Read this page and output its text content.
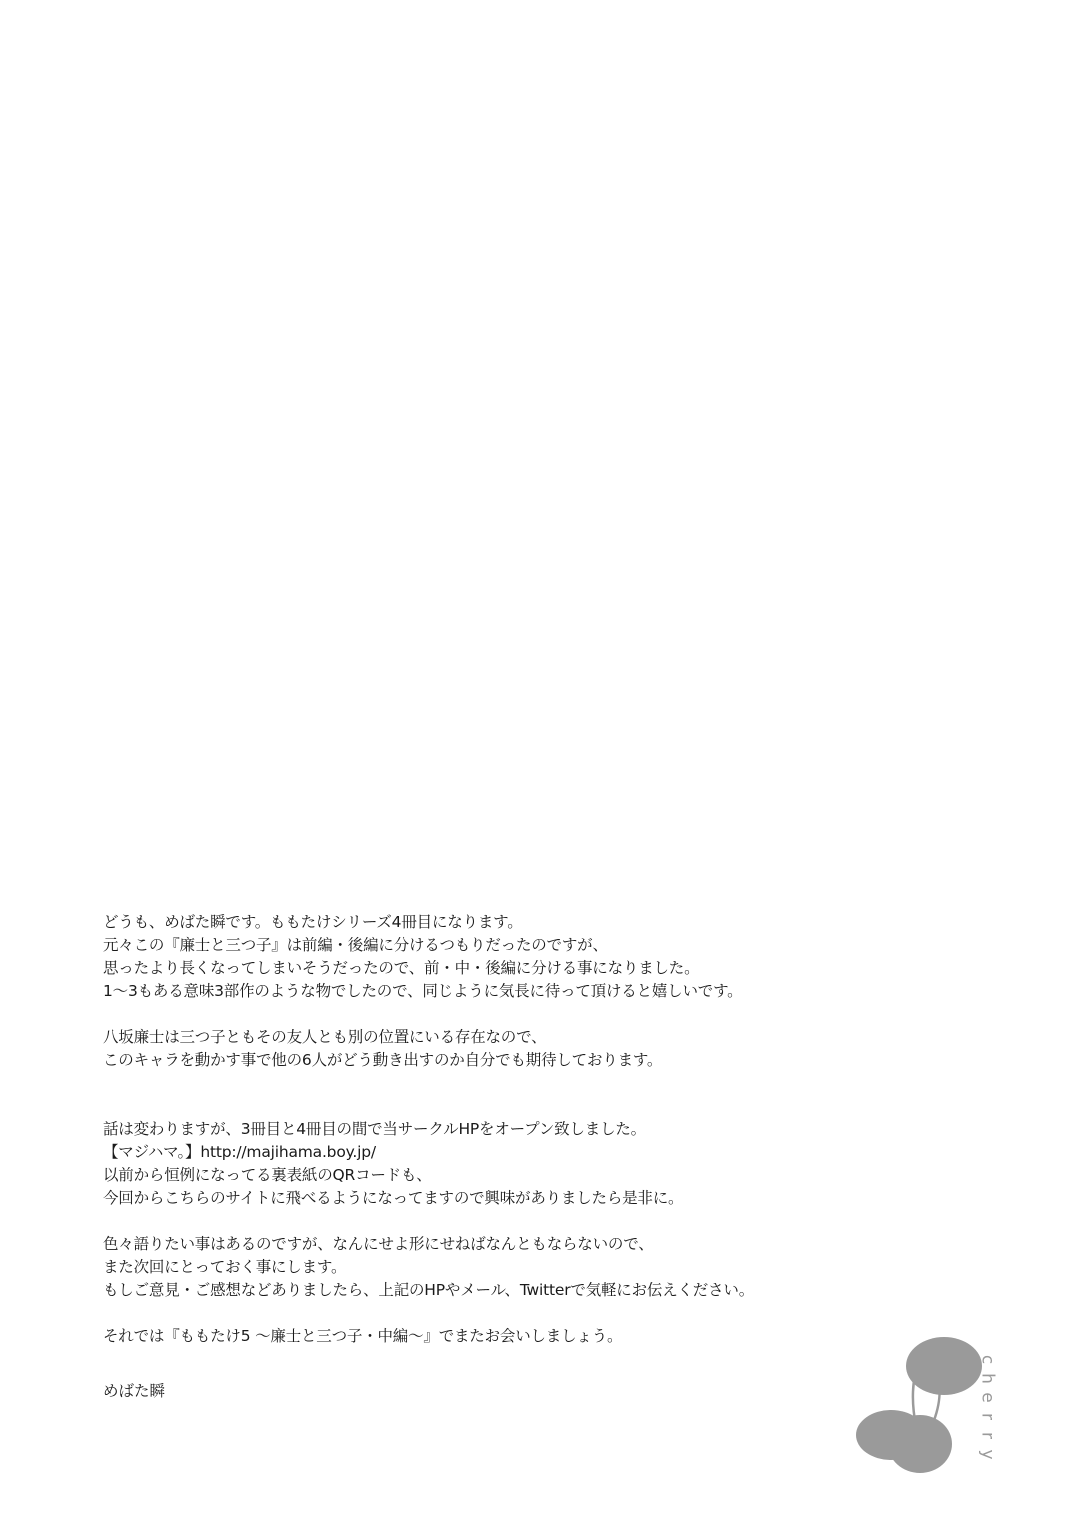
どうも、めばた瞬です。ももたけシリーズ4冊目になります。

元々この『廉士と三つ子』は前編・後編に分けるつもりだったのですが、

思ったより長くなってしまいそうだったので、前・中・後編に分ける事になりました。

1〜3もある意味3部作のような物でしたので、同じように気長に待って頂けると嬉しいです。

八坂廉士は三つ子ともその友人とも別の位置にいる存在なので、

このキャラを動かす事で他の6人がどう動き出すのか自分でも期待しております。

話は変わりますが、3冊目と4冊目の間で当サークルHPをオープン致しました。

【マジハマ。】http://majihama.boy.jp/

以前から恒例になってる裏表紙のQRコードも、

今回からこちらのサイトに飛べるようになってますので興味がありましたら是非に。

色々語りたい事はあるのですが、なんにせよ形にせねばなんともならないので、

また次回にとっておく事にします。

もしご意見・ご感想などありましたら、上記のHPやメール、Twitterで気軽にお伝えください。

それでは『ももたけ5 〜廉士と三つ子・中編〜』でまたお会いしましょう。

めばた瞬

c
h
e
r
r
y
